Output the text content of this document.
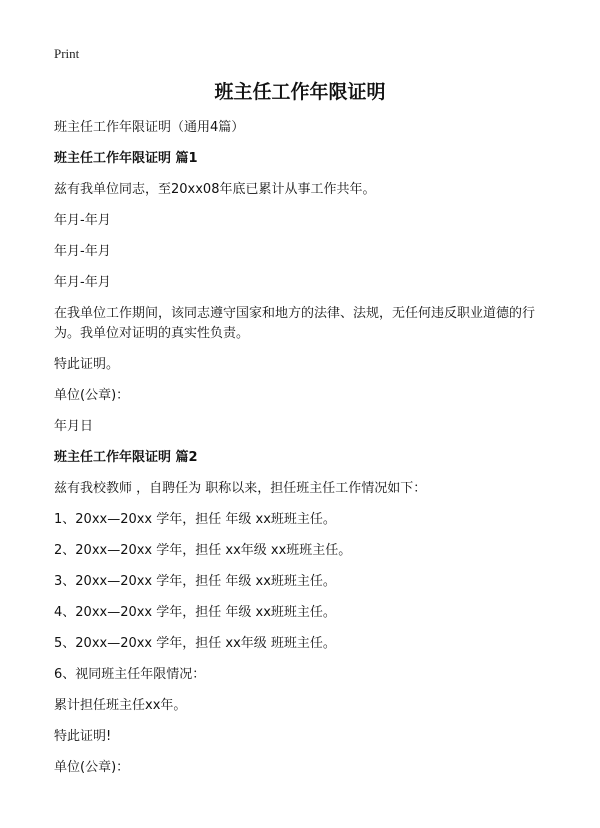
Print
班主任工作年限证明

班主任工作年限证明（通用4篇）

班主任工作年限证明 篇1

兹有我单位同志，至20xx08年底已累计从事工作共年。

年月-年月

年月-年月

年月-年月

在我单位工作期间，该同志遵守国家和地方的法律、法规，无任何违反职业道德的行为。我单位对证明的真实性负责。

特此证明。

单位(公章)：

年月日

班主任工作年限证明 篇2

兹有我校教师 ，自聘任为 职称以来，担任班主任工作情况如下：

1、20xx—20xx 学年，担任 年级 xx班班主任。

2、20xx—20xx 学年，担任 xx年级 xx班班主任。

3、20xx—20xx 学年，担任 年级 xx班班主任。

4、20xx—20xx 学年，担任 年级 xx班班主任。

5、20xx—20xx 学年，担任 xx年级 班班主任。

6、视同班主任年限情况：

累计担任班主任xx年。

特此证明!

单位(公章)：
